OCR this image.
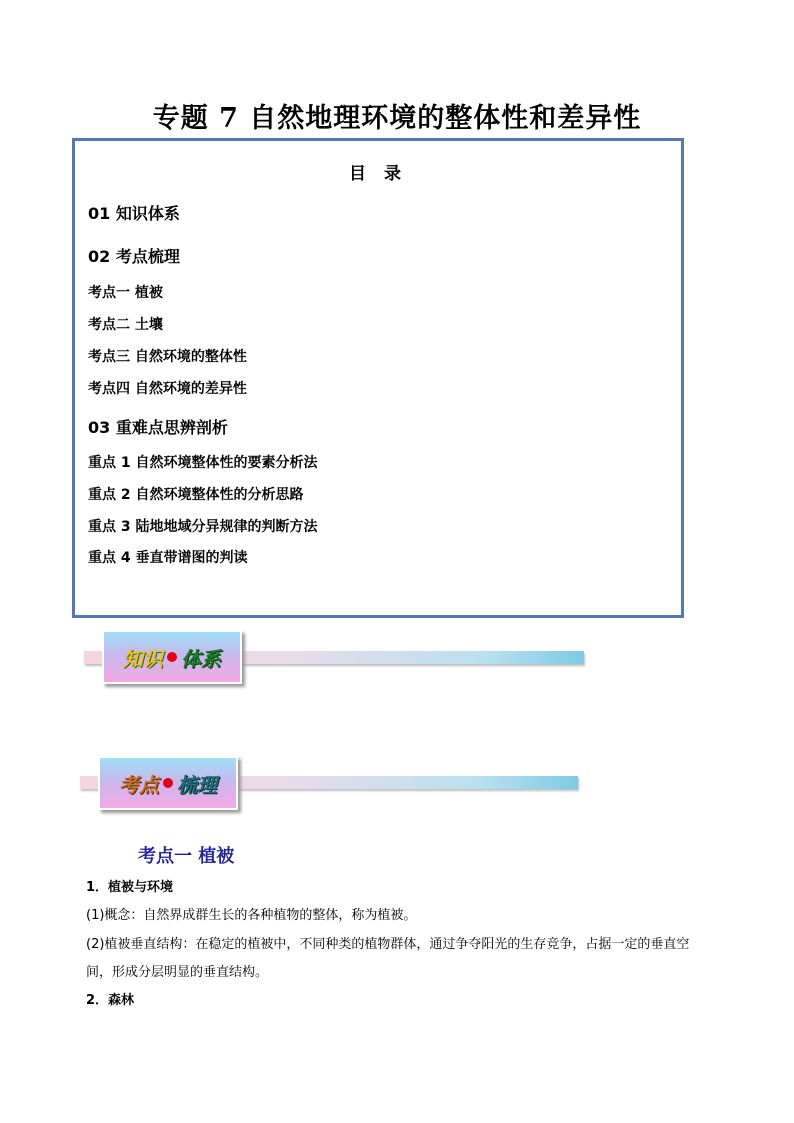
专题 7 自然地理环境的整体性和差异性
目 录
01 知识体系
02 考点梳理
考点一 植被
考点二 土壤
考点三 自然环境的整体性
考点四 自然环境的差异性
03 重难点思辨剖析
重点 1 自然环境整体性的要素分析法
重点 2 自然环境整体性的分析思路
重点 3 陆地地域分异规律的判断方法
重点 4 垂直带谱图的判读
知识 体系
考点 梳理
考点一 植被
1．植被与环境
(1)概念：自然界成群生长的各种植物的整体，称为植被。
(2)植被垂直结构：在稳定的植被中，不同种类的植物群体，通过争夺阳光的生存竞争，占据一定的垂直空
间，形成分层明显的垂直结构。
2．森林
